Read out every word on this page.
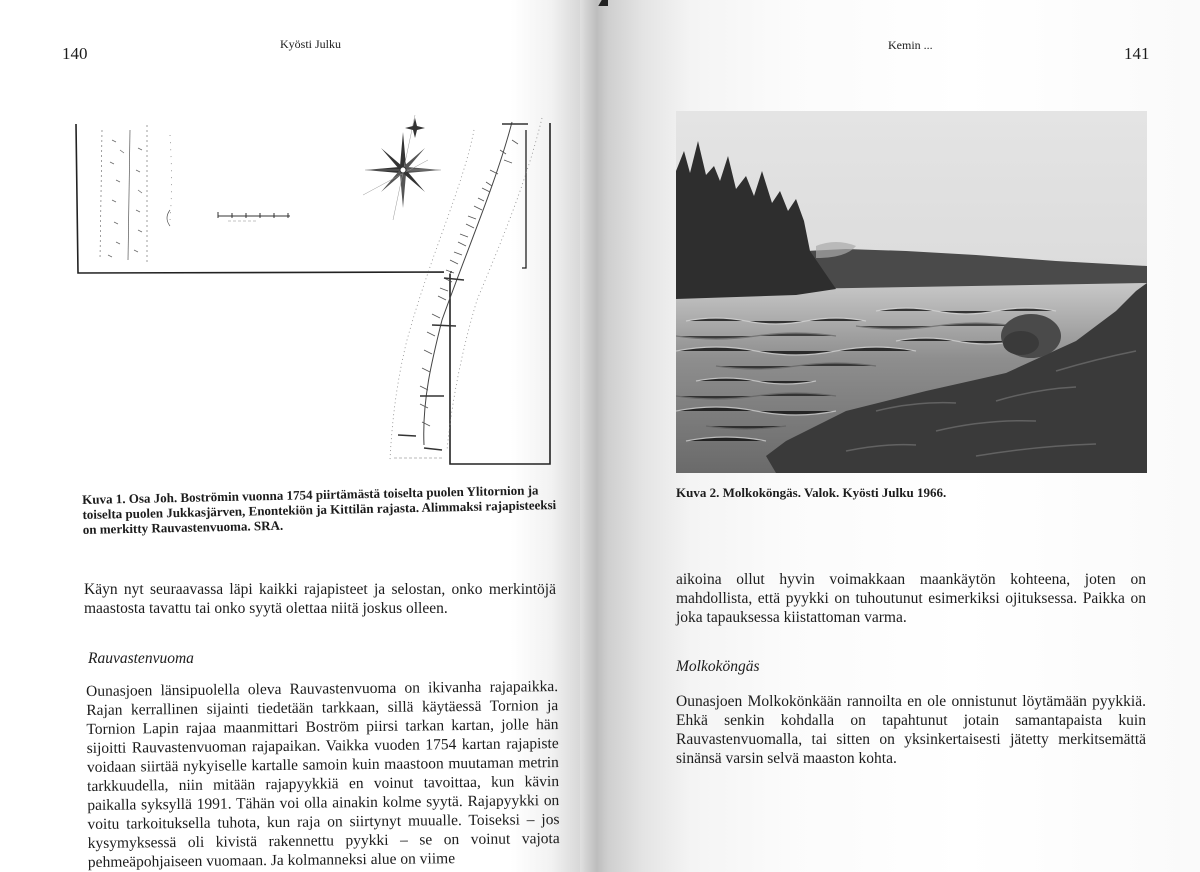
140	Kyösti Julku
Kuva 1. Osa Joh. Boströmin vuonna 1754 piirtämästä toiselta puolen Ylitornion ja toiselta puolen Jukkasjärven, Enontekiön ja Kittilän rajasta. Alimmaksi rajapisteeksi on merkitty Rauvastenvuoma. SRA.
Käyn nyt seuraavassa läpi kaikki rajapisteet ja selostan, onko merkintöjä maastosta tavattu tai onko syytä olettaa niitä joskus olleen.
Rauvastenvuoma
Ounasjoen länsipuolella oleva Rauvastenvuoma on ikivanha rajapaikka. Rajan kerrallinen sijainti tiedetään tarkkaan, sillä käytäessä Tornion ja Tornion Lapin rajaa maanmittari Boström piirsi tarkan kartan, jolle hän sijoitti Rauvastenvuoman rajapaikan. Vaikka vuoden 1754 kartan rajapiste voidaan siirtää nykyiselle kartalle samoin kuin maastoon muutaman metrin tarkkuudella, niin mitään rajapyykkiä en voinut tavoittaa, kun kävin paikalla syksyllä 1991. Tähän voi olla ainakin kolme syytä. Rajapyykki on voitu tarkoituksella tuhota, kun raja on siirtynyt muualle. Toiseksi – jos kysymyksessä oli kivistä rakennettu pyykki – se on voinut vajota pehmeäpohjaiseen vuomaan. Ja kolmanneksi alue on viime
Kemin ...	141
Kuva 2. Molkoköngäs. Valok. Kyösti Julku 1966.
aikoina ollut hyvin voimakkaan maankäytön kohteena, joten on mahdollista, että pyykki on tuhoutunut esimerkiksi ojituksessa. Paikka on joka tapauksessa kiistattoman varma.
Molkoköngäs
Ounasjoen Molkokönkään rannoilta en ole onnistunut löytämään pyykkiä. Ehkä senkin kohdalla on tapahtunut jotain samantapaista kuin Rauvastenvuomalla, tai sitten on yksinkertaisesti jätetty merkitsemättä sinänsä varsin selvä maaston kohta.
